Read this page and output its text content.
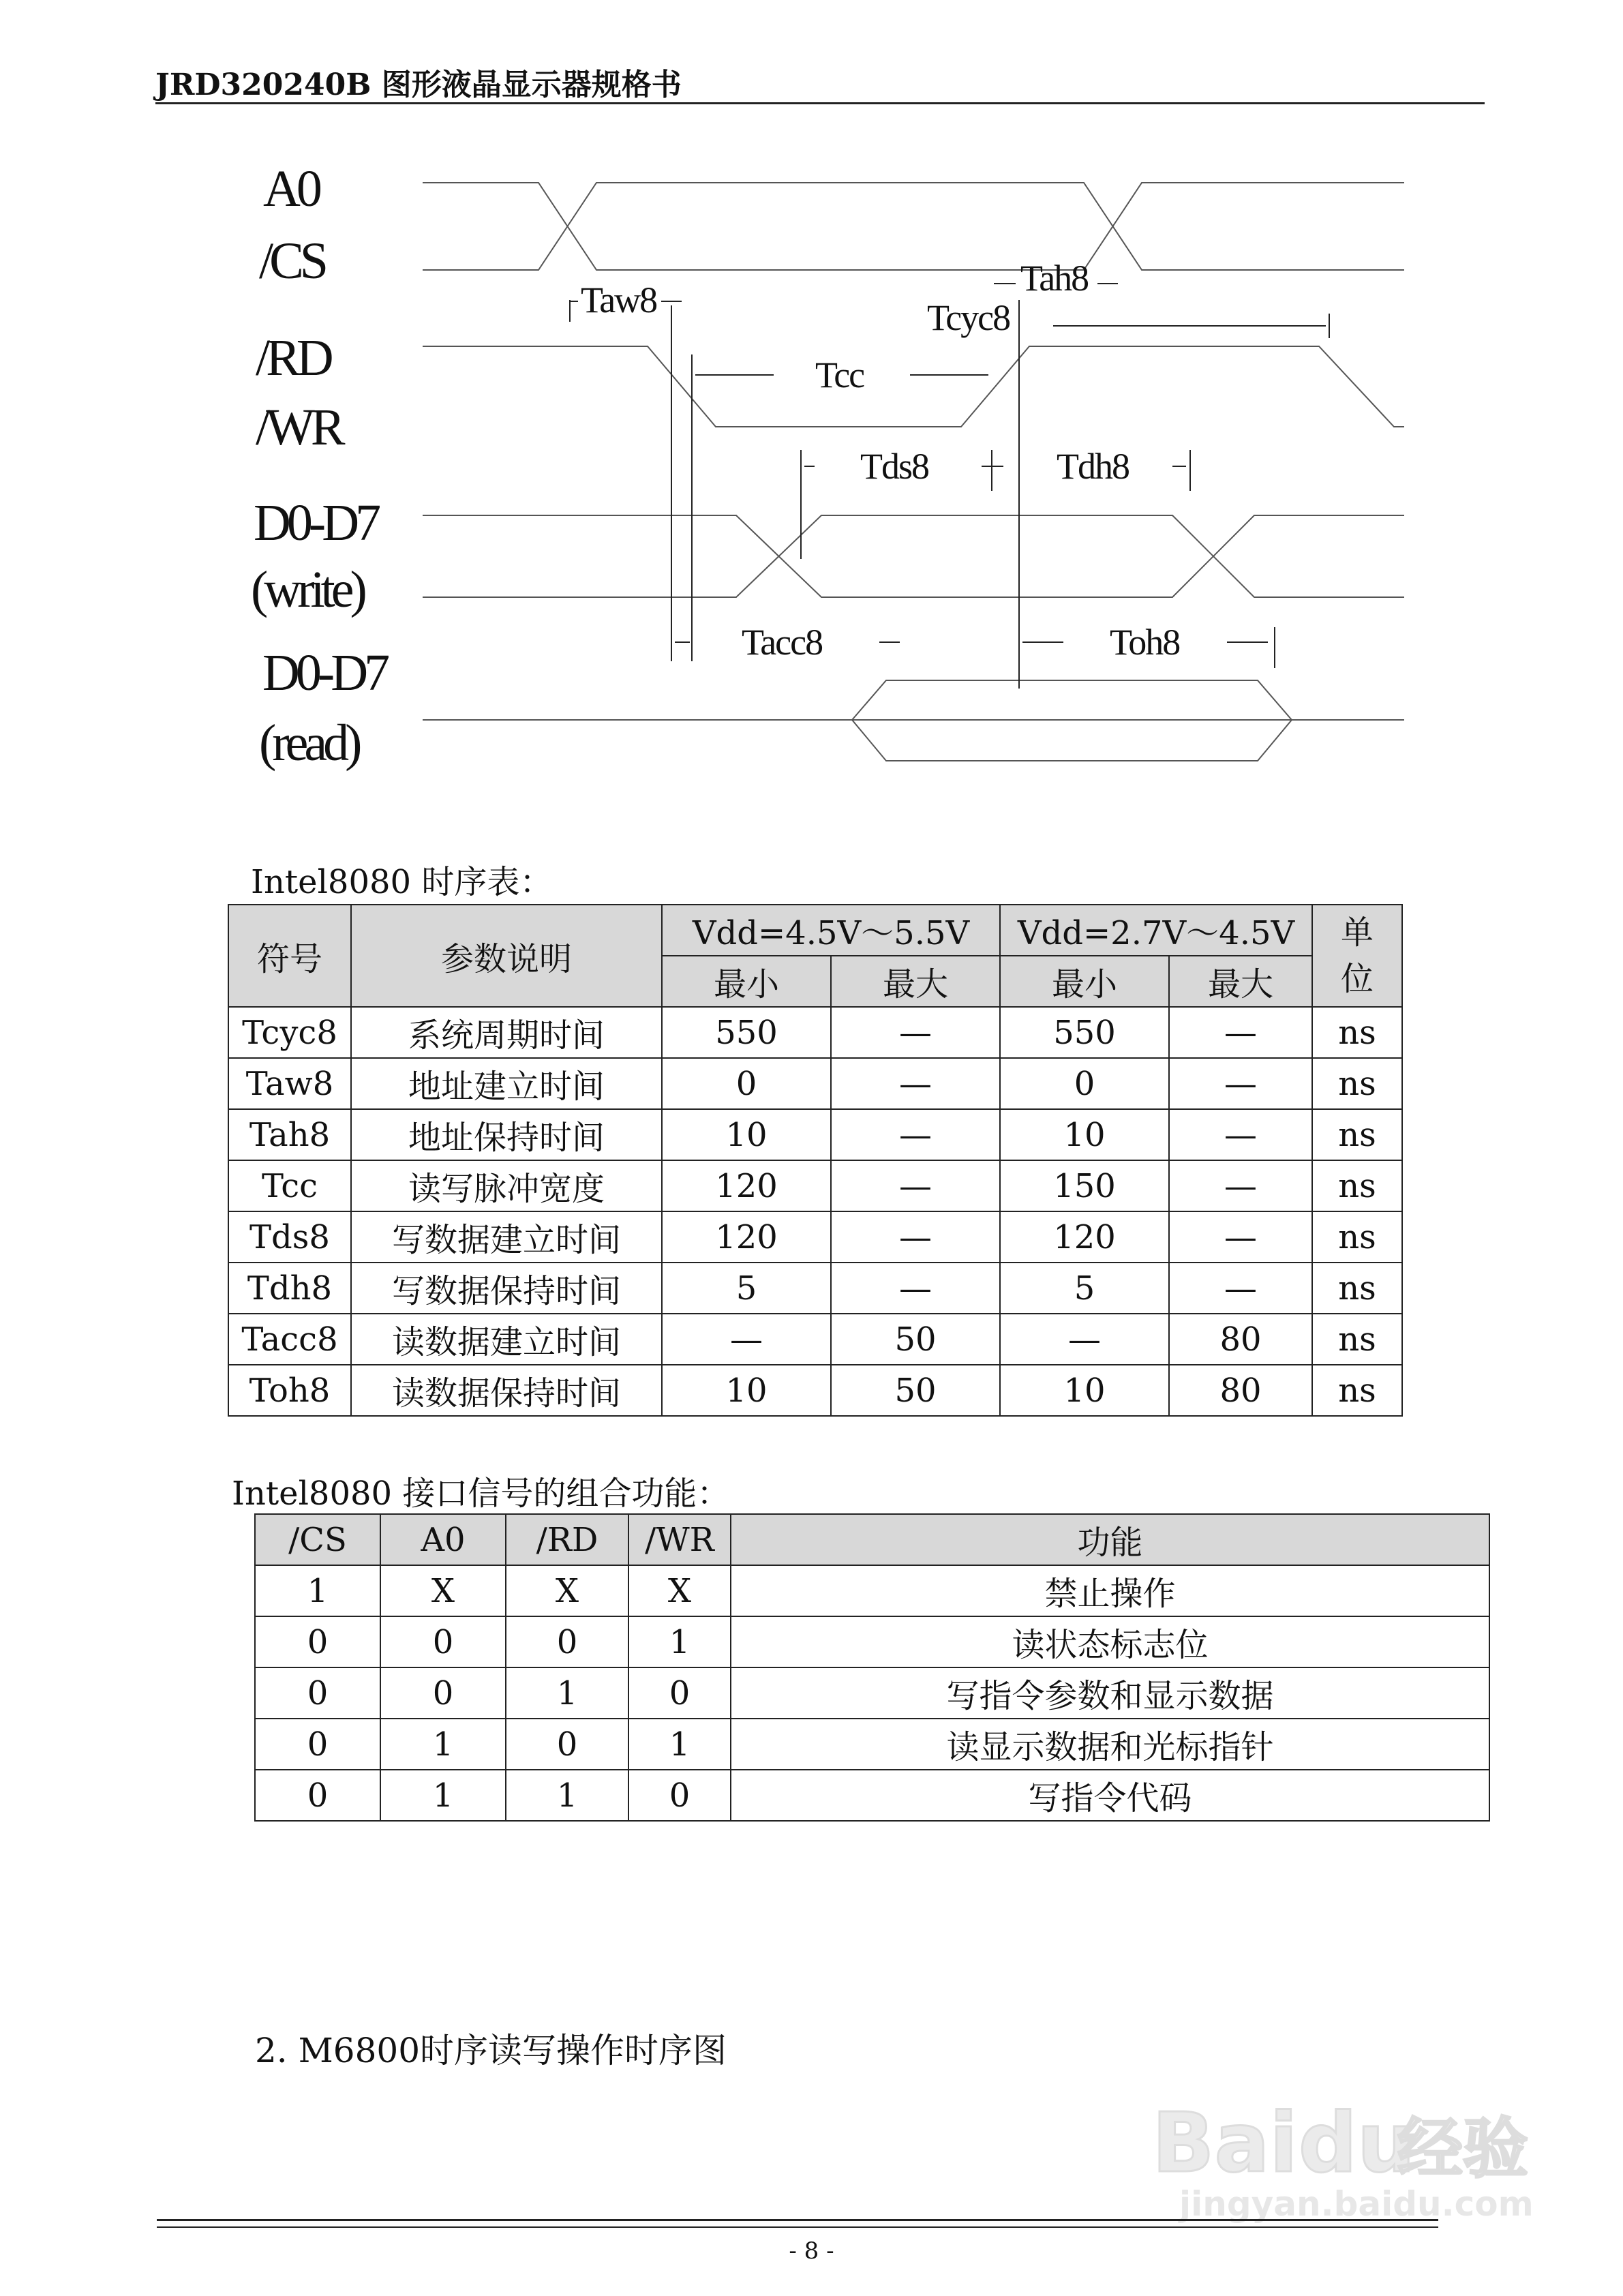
JRD320240B 图形液晶显示器规格书
A0
/CS
/RD
/WR
D0-D7
(write)
D0-D7
(read)
Taw8
Tah8
Tcyc8
Tcc
Tds8	Tdh8
Tacc8	Toh8
Intel8080 时序表：
符号	参数说明	Vdd=4.5V～5.5V		Vdd=2.7V～4.5V		单
位
		最小	最大	最小	最大	
Tcyc8	系统周期时间	550	—	550	—	ns
Taw8	地址建立时间	0	—	0	—	ns
Tah8	地址保持时间	10	—	10	—	ns
Tcc	读写脉冲宽度	120	—	150	—	ns
Tds8	写数据建立时间	120	—	120	—	ns
Tdh8	写数据保持时间	5	—	5	—	ns
Tacc8	读数据建立时间	—	50	—	80	ns
Toh8	读数据保持时间	10	50	10	80	ns
Intel8080 接口信号的组合功能：
/CS	A0	/RD	/WR	功能
1	X	X	X	禁止操作
0	0	0	1	读状态标志位
0	0	1	0	写指令参数和显示数据
0	1	0	1	读显示数据和光标指针
0	1	1	0	写指令代码
2. M6800时序读写操作时序图
Bai du
经验
jingyan.baidu.com
- 8 -
